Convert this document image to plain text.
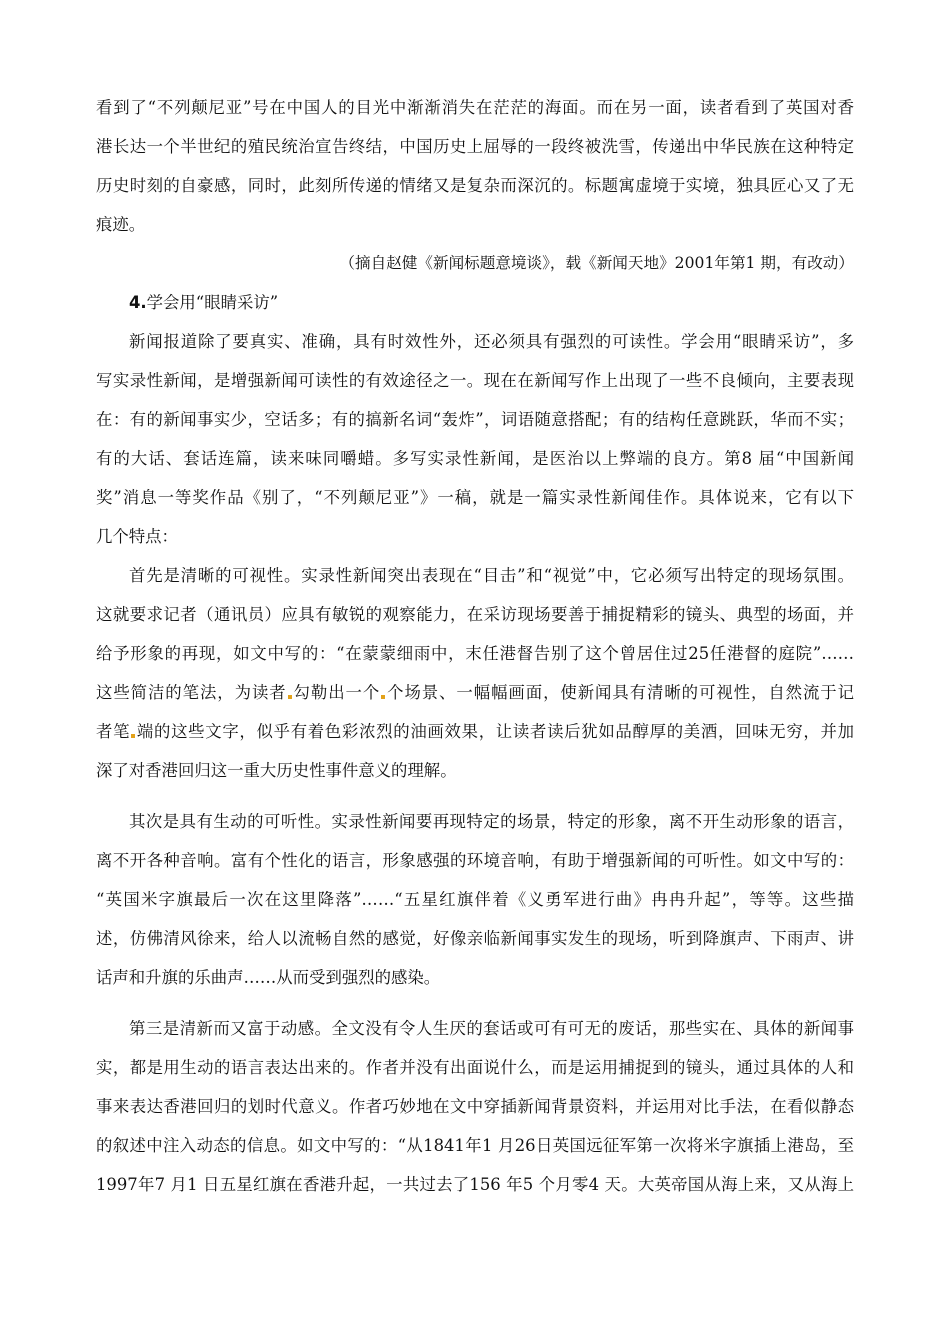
看到了“不列颠尼亚”号在中国人的目光中渐渐消失在茫茫的海面。而在另一面，读者看到了英国对香
港长达一个半世纪的殖民统治宣告终结，中国历史上屈辱的一段终被洗雪，传递出中华民族在这种特定
历史时刻的自豪感，同时，此刻所传递的情绪又是复杂而深沉的。标题寓虚境于实境，独具匠心又了无
痕迹。
（摘自赵健《新闻标题意境谈》，载《新闻天地》2001年第1 期，有改动）
4.学会用“眼睛采访”
新闻报道除了要真实、准确，具有时效性外，还必须具有强烈的可读性。学会用“眼睛采访”，多
写实录性新闻，是增强新闻可读性的有效途径之一。现在在新闻写作上出现了一些不良倾向，主要表现
在：有的新闻事实少，空话多；有的搞新名词“轰炸”，词语随意搭配；有的结构任意跳跃，华而不实；
有的大话、套话连篇，读来味同嚼蜡。多写实录性新闻，是医治以上弊端的良方。第8 届“中国新闻
奖”消息一等奖作品《别了，“不列颠尼亚”》一稿，就是一篇实录性新闻佳作。具体说来，它有以下
几个特点：
首先是清晰的可视性。实录性新闻突出表现在“目击”和“视觉”中，它必须写出特定的现场氛围。
这就要求记者（通讯员）应具有敏锐的观察能力，在采访现场要善于捕捉精彩的镜头、典型的场面，并
给予形象的再现，如文中写的：“在蒙蒙细雨中，末任港督告别了这个曾居住过25任港督的庭院”……
这些简洁的笔法，为读者 勾勒出一个 个场景、一幅幅画面，使新闻具有清晰的可视性，自然流于记
者笔 端的这些文字，似乎有着色彩浓烈的油画效果，让读者读后犹如品醇厚的美酒，回味无穷，并加
深了对香港回归这一重大历史性事件意义的理解。
其次是具有生动的可听性。实录性新闻要再现特定的场景，特定的形象，离不开生动形象的语言，
离不开各种音响。富有个性化的语言，形象感强的环境音响，有助于增强新闻的可听性。如文中写的：
“英国米字旗最后一次在这里降落”……“五星红旗伴着《义勇军进行曲》冉冉升起”，等等。这些描
述，仿佛清风徐来，给人以流畅自然的感觉，好像亲临新闻事实发生的现场，听到降旗声、下雨声、讲
话声和升旗的乐曲声……从而受到强烈的感染。
第三是清新而又富于动感。全文没有令人生厌的套话或可有可无的废话，那些实在、具体的新闻事
实，都是用生动的语言表达出来的。作者并没有出面说什么，而是运用捕捉到的镜头，通过具体的人和
事来表达香港回归的划时代意义。作者巧妙地在文中穿插新闻背景资料，并运用对比手法，在看似静态
的叙述中注入动态的信息。如文中写的：“从1841年1 月26日英国远征军第一次将米字旗插上港岛，至
1997年7 月1 日五星红旗在香港升起，一共过去了156 年5 个月零4 天。大英帝国从海上来，又从海上
